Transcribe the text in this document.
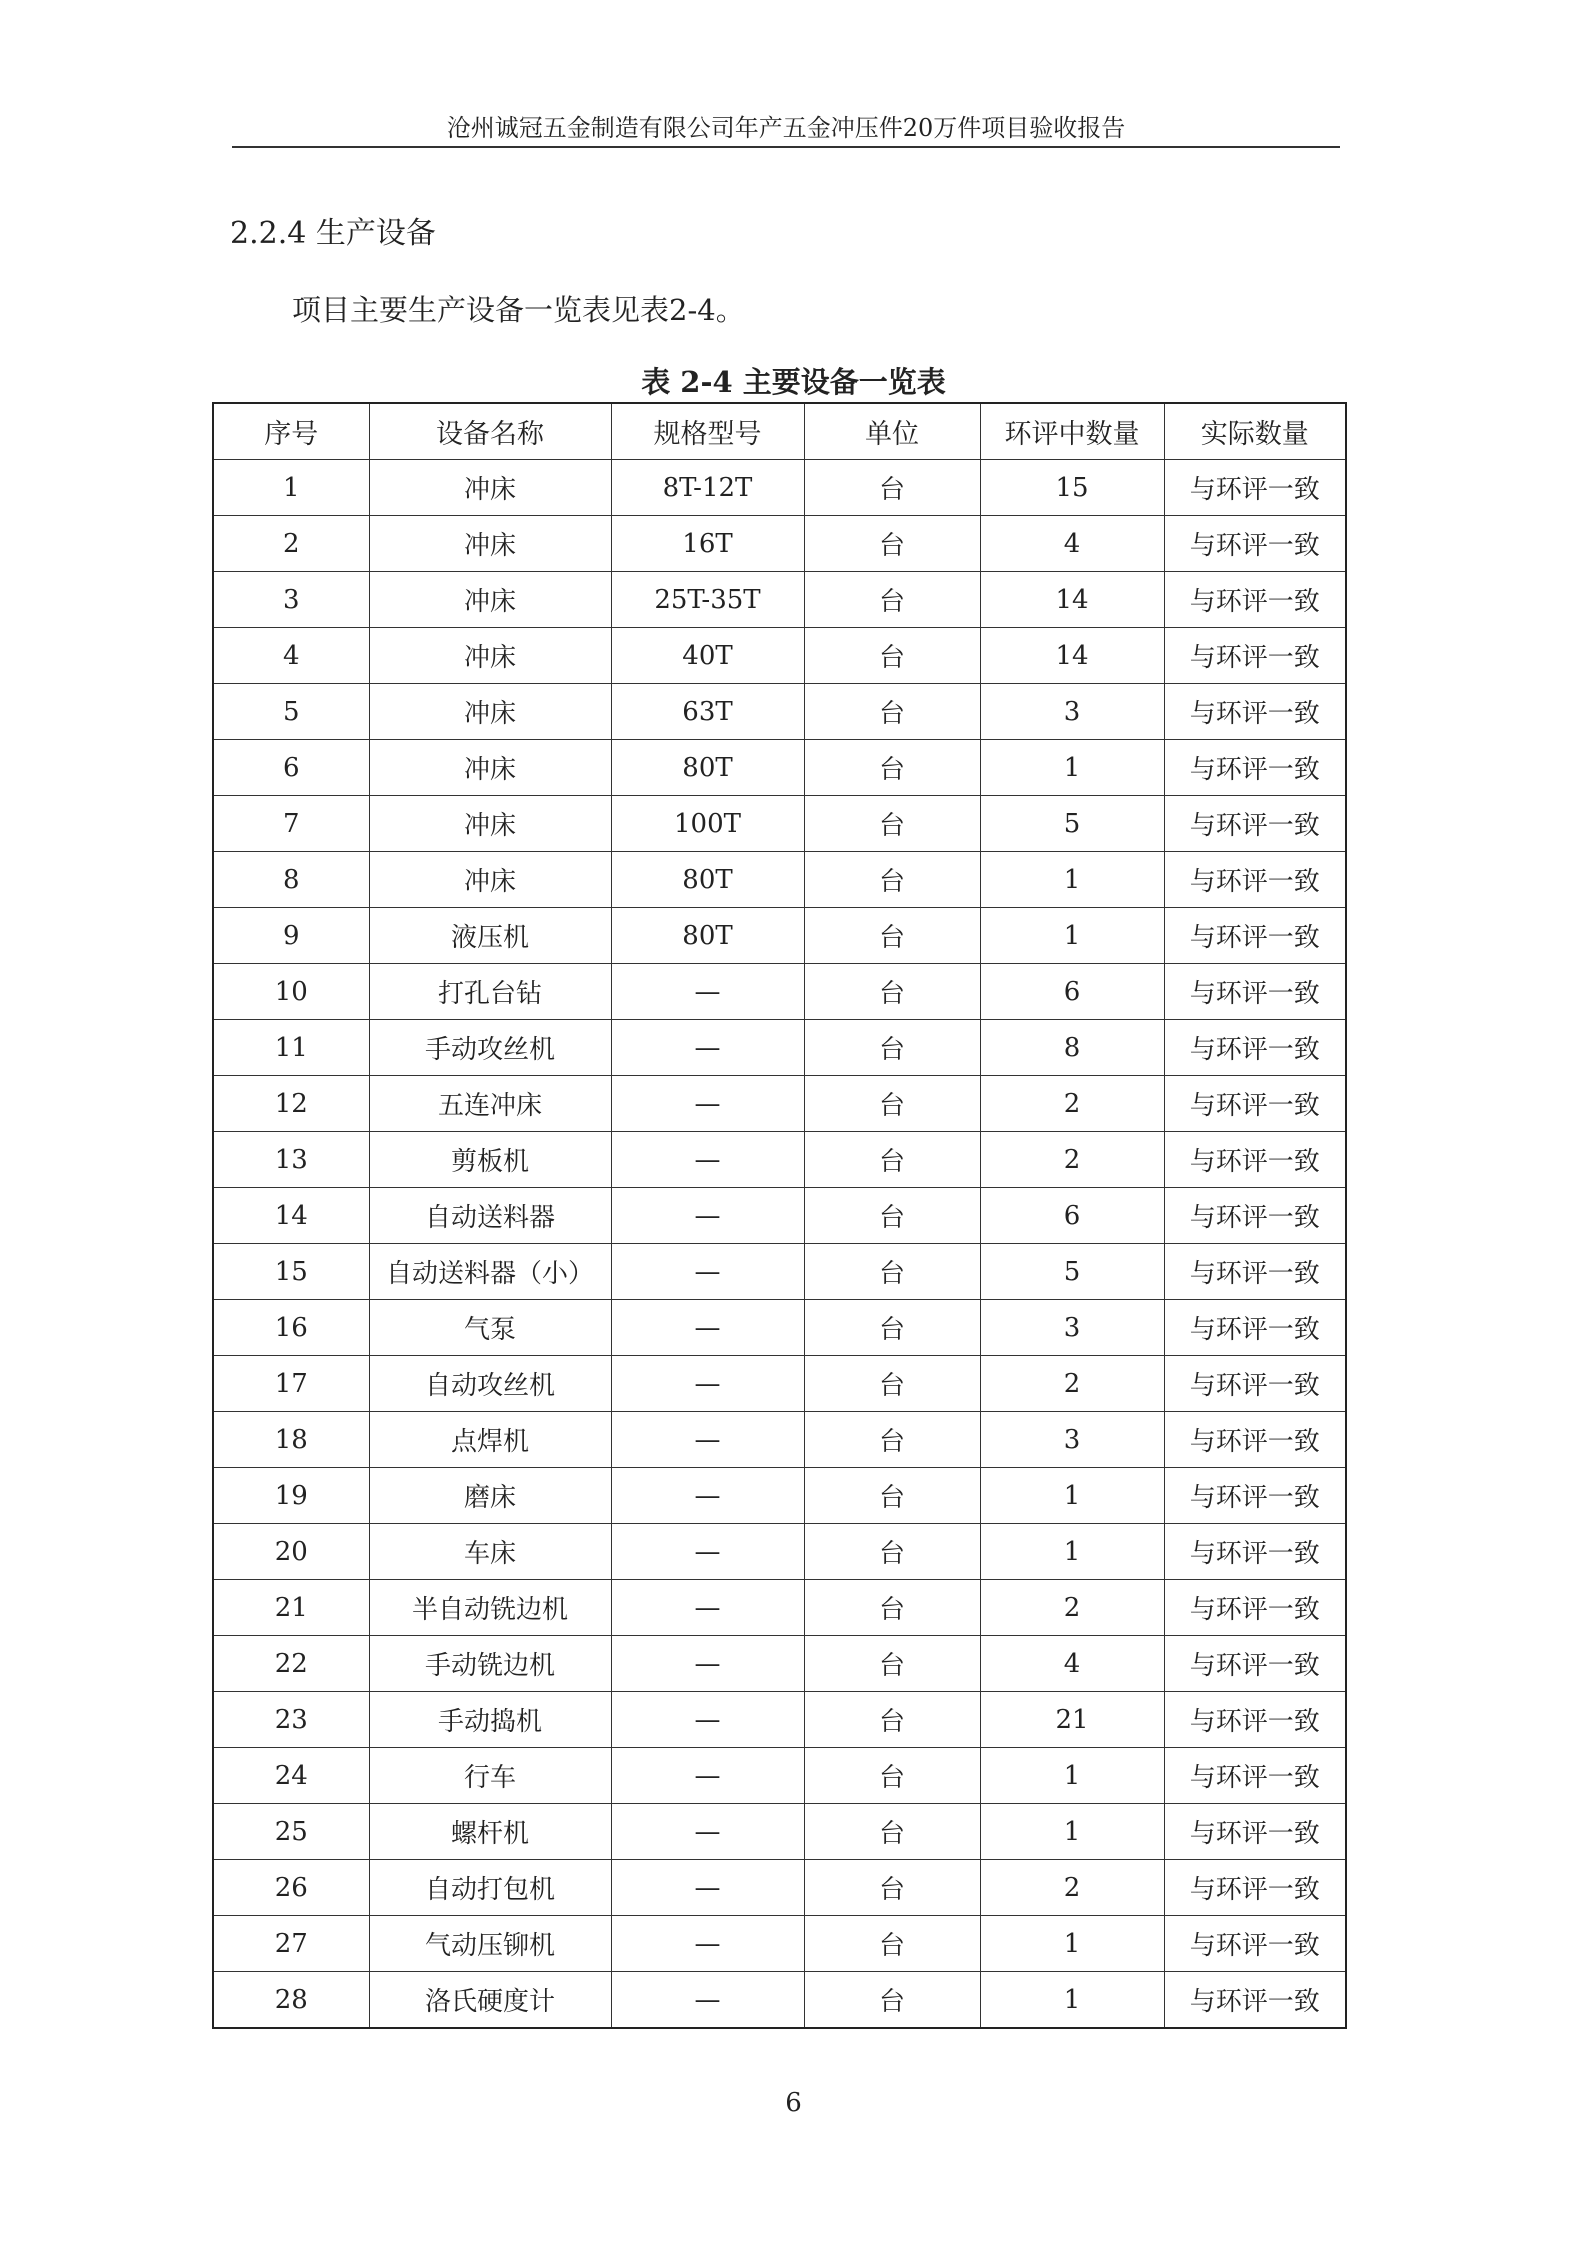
沧州诚冠五金制造有限公司年产五金冲压件20万件项目验收报告
2.2.4 生产设备
项目主要生产设备一览表见表2-4。
表 2-4 主要设备一览表
序号	设备名称	规格型号	单位	环评中数量	实际数量
1	冲床	8T-12T	台	15	与环评一致
2	冲床	16T	台	4	与环评一致
3	冲床	25T-35T	台	14	与环评一致
4	冲床	40T	台	14	与环评一致
5	冲床	63T	台	3	与环评一致
6	冲床	80T	台	1	与环评一致
7	冲床	100T	台	5	与环评一致
8	冲床	80T	台	1	与环评一致
9	液压机	80T	台	1	与环评一致
10	打孔台钻	—	台	6	与环评一致
11	手动攻丝机	—	台	8	与环评一致
12	五连冲床	—	台	2	与环评一致
13	剪板机	—	台	2	与环评一致
14	自动送料器	—	台	6	与环评一致
15	自动送料器（小）	—	台	5	与环评一致
16	气泵	—	台	3	与环评一致
17	自动攻丝机	—	台	2	与环评一致
18	点焊机	—	台	3	与环评一致
19	磨床	—	台	1	与环评一致
20	车床	—	台	1	与环评一致
21	半自动铣边机	—	台	2	与环评一致
22	手动铣边机	—	台	4	与环评一致
23	手动捣机	—	台	21	与环评一致
24	行车	—	台	1	与环评一致
25	螺杆机	—	台	1	与环评一致
26	自动打包机	—	台	2	与环评一致
27	气动压铆机	—	台	1	与环评一致
28	洛氏硬度计	—	台	1	与环评一致
6
